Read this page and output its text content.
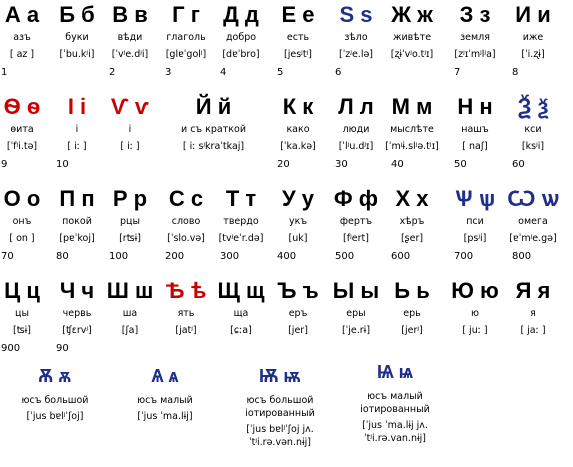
А а
азъ
[ az ]
1
Б б
буки
[ˈbu.kʲi]
В в
вѣди
[ˈvʲe.dʲi]
2
Г г
глаголь
[glɐˈgolʲ]
3
Д д
добро
[dɐˈbro]
4
Е е
есть
[jesʲtʲ]
5
S s
зѣло
[ˈzʲe.lə]
6
Ж ж
живѣте
[ʐɨˈvʲo.tʲɪ]
З з
земля
[zʲɪˈmʲlʲa]
7
И и
иже
[ˈi.ʐɨ]
8
Ѳ ѳ
ѳита
[ˈfʲi.tə]
9
І і
і
[ iː ]
10
Ѵ ѵ
і
[ iː ]
Й й
и съ краткой
[ iː sʲkraˈtkaj]
К к
како
[ˈka.kə]
20
Л л
люди
[ˈlʲu.dʲɪ]
30
М м
мыслѣте
[ˈmʲɨ.slʲə.tʲɪ]
40
Н н
нашъ
[ naʃ]
50
Ѯ ѯ
кси
[ksʲi]
60
О о
онъ
[ on ]
70
П п
покой
[pɐˈkoj]
80
Р р
рцы
[rʦɨ]
100
С с
слово
[ˈslo.və]
200
Т т
твердо
[tvʲeˈr.də]
300
У у
укъ
[uk]
400
Ф ф
фертъ
[fʲert]
500
Х х
хѣръ
[ʂer]
600
Ѱ ѱ
пси
[psʲi]
700
Ѡ ѡ
омега
[ɐˈmʲe.gə]
800
Ц ц
цы
[ʦɨ]
900
Ч ч
червь
[ʧɛrvʲ]
90
Ш ш
ша
[ʃa]
Ѣ ѣ
ять
[jatʲ]
Щ щ
ща
[ɕːa]
Ъ ъ
еръ
[jer]
Ы ы
еры
[ˈje.rɨ]
Ь ь
ерь
[jerʲ]
Ю ю
ю
[ juː ]
Я я
я
[ jaː ]
Ѫ ѫ
юсъ большой
[ˈjus bɐlʲˈʃoj]
Ѧ ѧ
юсъ малый
[ˈjus ˈma.lɨj]
Ѭ ѭ
юсъ большой іотированный
[ˈjus bɐlʲˈʃoj jʌ.ˈtʲi.rə.vən.nɨj]
Ѩ ѩ
юсъ малый іотированный
[ˈjus ˈma.lɨj jʌ.ˈtʲi.rə.van.nɨj]
